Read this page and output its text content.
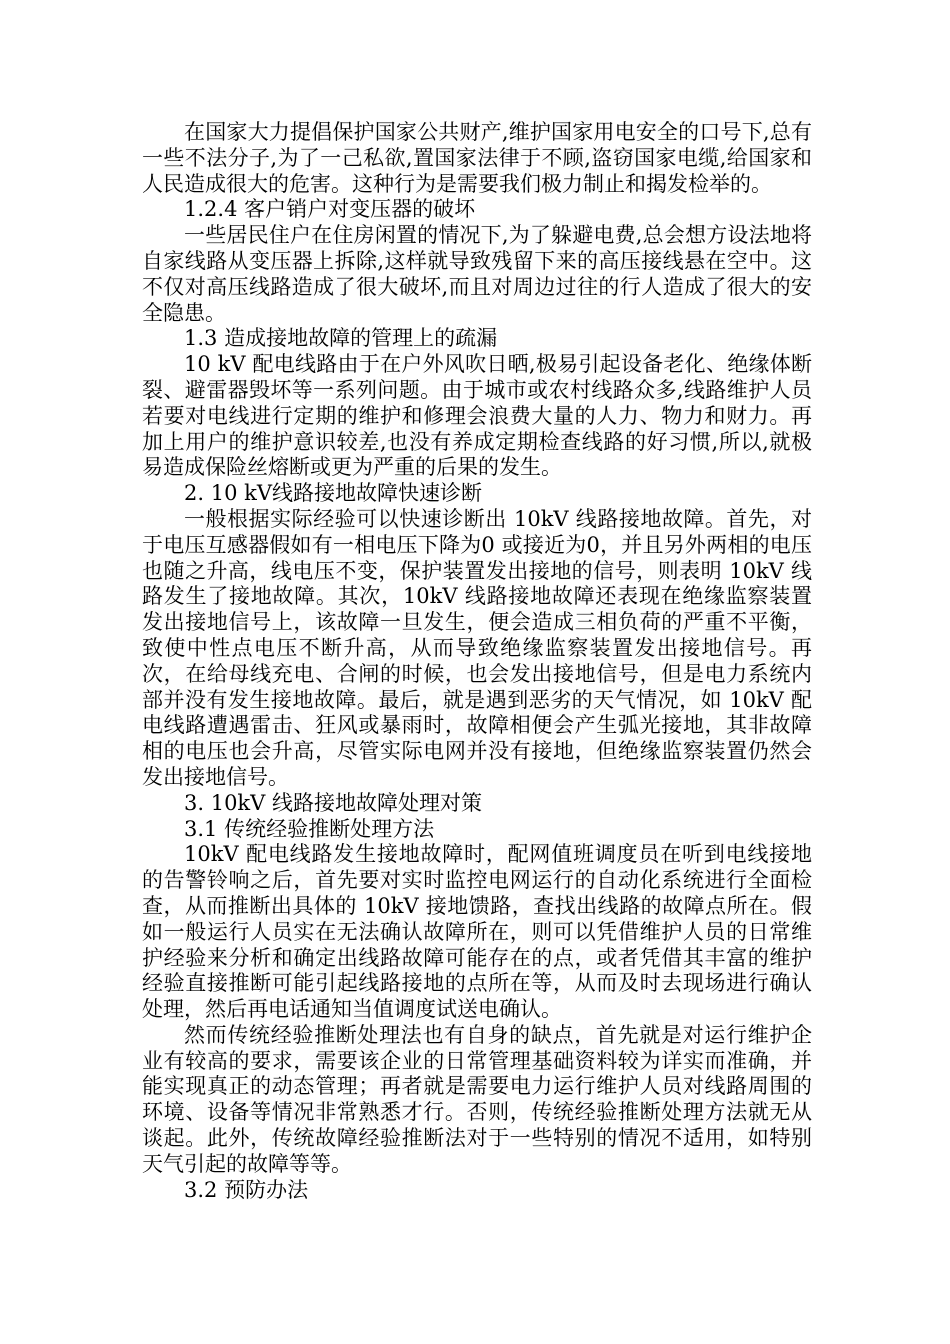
在国家大力提倡保护国家公共财产,维护国家用电安全的口号下,总有一些不法分子,为了一己私欲,置国家法律于不顾,盗窃国家电缆,给国家和人民造成很大的危害。这种行为是需要我们极力制止和揭发检举的。

1.2.4 客户销户对变压器的破坏

一些居民住户在住房闲置的情况下,为了躲避电费,总会想方设法地将自家线路从变压器上拆除,这样就导致残留下来的高压接线悬在空中。这不仅对高压线路造成了很大破坏,而且对周边过往的行人造成了很大的安全隐患。

1.3 造成接地故障的管理上的疏漏

10 kV 配电线路由于在户外风吹日晒,极易引起设备老化、绝缘体断裂、避雷器毁坏等一系列问题。由于城市或农村线路众多,线路维护人员若要对电线进行定期的维护和修理会浪费大量的人力、物力和财力。再加上用户的维护意识较差,也没有养成定期检查线路的好习惯,所以,就极易造成保险丝熔断或更为严重的后果的发生。

2. 10 kV线路接地故障快速诊断

一般根据实际经验可以快速诊断出 10kV 线路接地故障。首先，对于电压互感器假如有一相电压下降为0 或接近为0，并且另外两相的电压也随之升高，线电压不变，保护装置发出接地的信号，则表明 10kV 线路发生了接地故障。其次，10kV 线路接地故障还表现在绝缘监察装置发出接地信号上，该故障一旦发生，便会造成三相负荷的严重不平衡，致使中性点电压不断升高，从而导致绝缘监察装置发出接地信号。再次，在给母线充电、合闸的时候，也会发出接地信号，但是电力系统内部并没有发生接地故障。最后，就是遇到恶劣的天气情况，如 10kV 配电线路遭遇雷击、狂风或暴雨时，故障相便会产生弧光接地，其非故障相的电压也会升高，尽管实际电网并没有接地，但绝缘监察装置仍然会发出接地信号。

3. 10kV 线路接地故障处理对策

3.1 传统经验推断处理方法

10kV 配电线路发生接地故障时，配网值班调度员在听到电线接地的告警铃响之后，首先要对实时监控电网运行的自动化系统进行全面检查，从而推断出具体的 10kV 接地馈路，查找出线路的故障点所在。假如一般运行人员实在无法确认故障所在，则可以凭借维护人员的日常维护经验来分析和确定出线路故障可能存在的点，或者凭借其丰富的维护经验直接推断可能引起线路接地的点所在等，从而及时去现场进行确认处理，然后再电话通知当值调度试送电确认。

然而传统经验推断处理法也有自身的缺点，首先就是对运行维护企业有较高的要求，需要该企业的日常管理基础资料较为详实而准确，并能实现真正的动态管理；再者就是需要电力运行维护人员对线路周围的环境、设备等情况非常熟悉才行。否则，传统经验推断处理方法就无从谈起。此外，传统故障经验推断法对于一些特别的情况不适用，如特别天气引起的故障等等。

3.2 预防办法
